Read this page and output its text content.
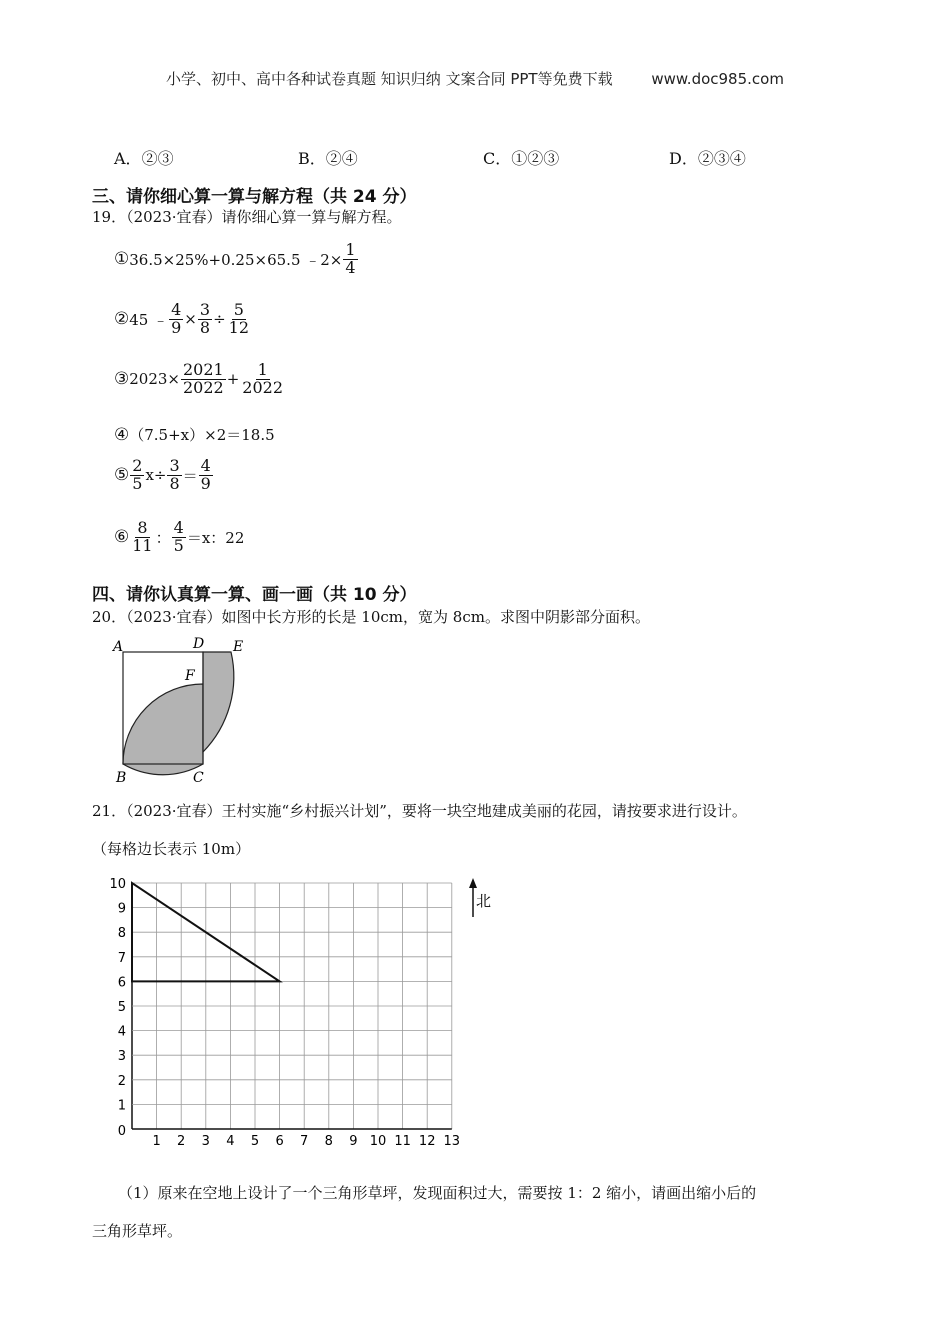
小学、初中、高中各种试卷真题 知识归纳 文案合同 PPT等免费下载	www.doc985.com
A．②③	B．②④	C．①②③	D．②③④
三、请你细心算一算与解方程（共 24 分）
19．（2023·宜春）请你细心算一算与解方程。
① 36.5×25%+0.25×65.5 ﹣2× $\frac{1}{4}$
② 45 ﹣ $\frac{4}{9} \times \frac{3}{8} \div \frac{5}{12}$
③ $2023\times \frac{2021}{2022} + \frac{1}{2022}$
④ （7.5+x）×2＝18.5
⑤ $\frac{2}{5} x\div \frac{3}{8} = \frac{4}{9}$
⑥ $\frac{8}{11}$ ： $\frac{4}{5} =x$：22
四、请你认真算一算、画一画（共 10 分）
20．（2023·宜春）如图中长方形的长是 10cm，宽为 8cm。求图中阴影部分面积。
A	D E
F
B	C
21．（2023·宜春）王村实施“乡村振兴计划”，要将一块空地建成美丽的花园，请按要求进行设计。
（每格边长表示 10m）
1 2 3 4 5 6 7 8 9 10 11 12 13
0
1
2
3
4
5
6
7
8
9
10
北
（1）原来在空地上设计了一个三角形草坪，发现面积过大，需要按 1：2 缩小，请画出缩小后的
三角形草坪。
